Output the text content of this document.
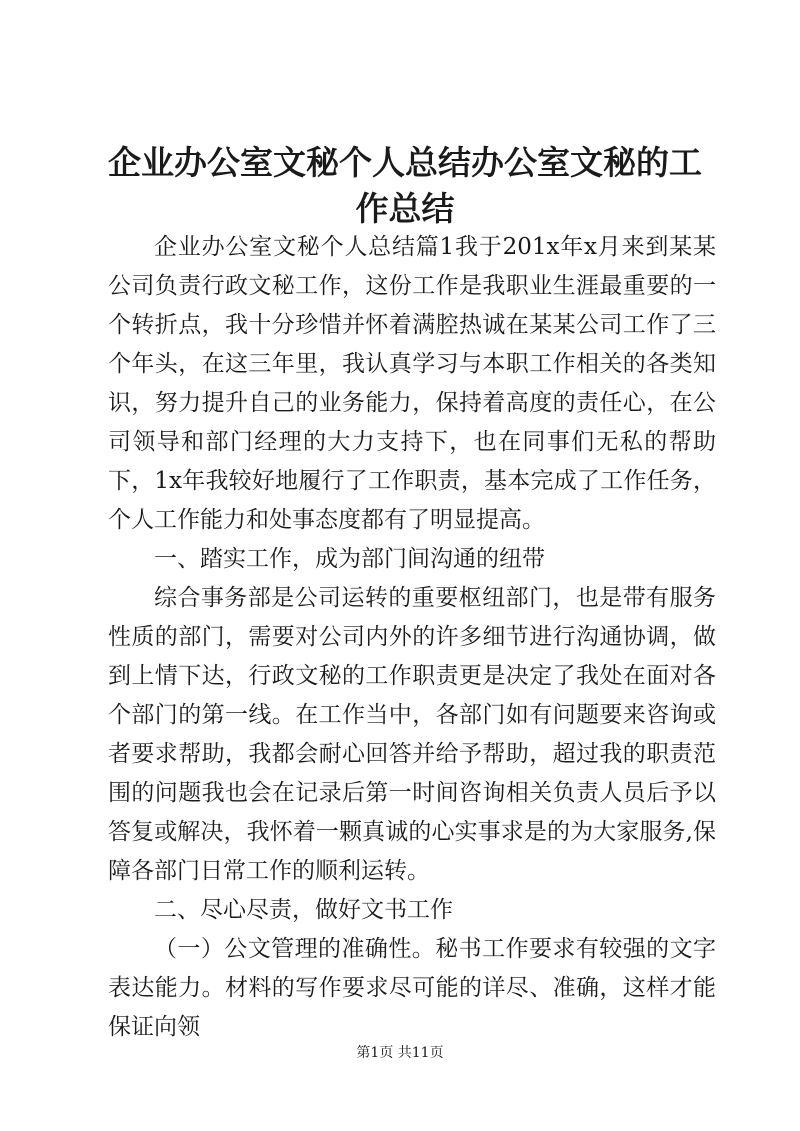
企业办公室文秘个人总结办公室文秘的工作总结

企业办公室文秘个人总结篇1我于201x年x月来到某某公司负责行政文秘工作，这份工作是我职业生涯最重要的一个转折点，我十分珍惜并怀着满腔热诚在某某公司工作了三个年头，在这三年里，我认真学习与本职工作相关的各类知识，努力提升自己的业务能力，保持着高度的责任心，在公司领导和部门经理的大力支持下，也在同事们无私的帮助下，1x年我较好地履行了工作职责，基本完成了工作任务，个人工作能力和处事态度都有了明显提高。

一、踏实工作，成为部门间沟通的纽带

综合事务部是公司运转的重要枢纽部门，也是带有服务性质的部门，需要对公司内外的许多细节进行沟通协调，做到上情下达，行政文秘的工作职责更是决定了我处在面对各个部门的第一线。在工作当中，各部门如有问题要来咨询或者要求帮助，我都会耐心回答并给予帮助，超过我的职责范围的问题我也会在记录后第一时间咨询相关负责人员后予以答复或解决，我怀着一颗真诚的心实事求是的为大家服务,保障各部门日常工作的顺利运转。

二、尽心尽责，做好文书工作

（一）公文管理的准确性。秘书工作要求有较强的文字表达能力。材料的写作要求尽可能的详尽、准确，这样才能保证向领

第1页 共11页
